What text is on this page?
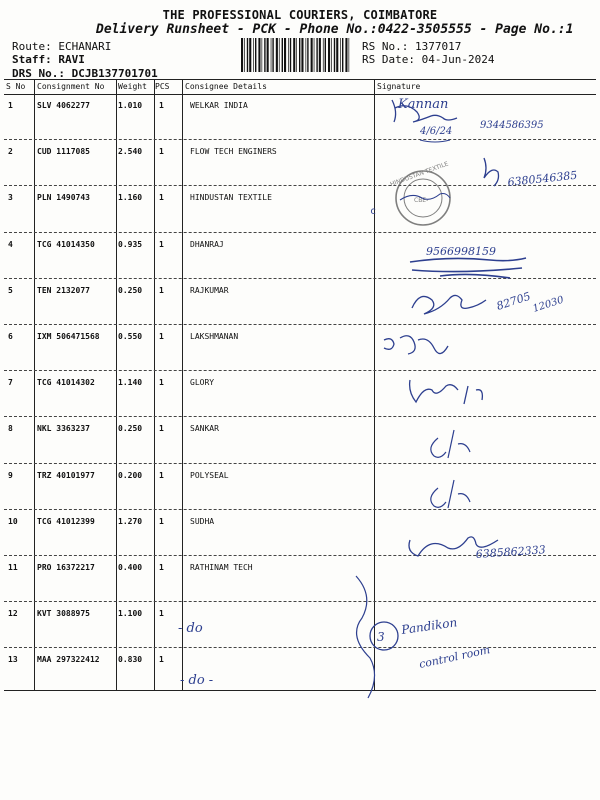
THE PROFESSIONAL COURIERS, COIMBATORE
Delivery Runsheet - PCK - Phone No.:0422-3505555 - Page No.:1
Route: ECHANARI
Staff: RAVI
DRS No.: DCJB137701701
RS No.: 1377017
RS Date: 04-Jun-2024
S No Consignment No Weight PCS Consignee Details	Signature
1	SLV 4062277	1.010 1	WELKAR INDIA
2	CUD 1117085	2.540 1	FLOW TECH ENGINERS
3	PLN 1490743	1.160 1	HINDUSTAN TEXTILE
4	TCG 41014350	0.935 1	DHANRAJ
5	TEN 2132077	0.250 1	RAJKUMAR
6	IXM 506471568 0.550 1	LAKSHMANAN
7	TCG 41014302	1.140 1	GLORY
8	NKL 3363237	0.250 1	SANKAR
9	TRZ 40101977	0.200 1	POLYSEAL
10 TCG 41012399	1.270 1	SUDHA
11 PRO 16372217	0.400 1	RATHINAM TECH
12 KVT 3088975	1.100 1
13 MAA 297322412 0.830 1
Kannan
4/6/24
9344586395
6380546385
HINDUSTAN TEXTILE
CBE-
c
9566998159
82705 12030
6385862333
- do
3
Pandikon
control room
- do -
